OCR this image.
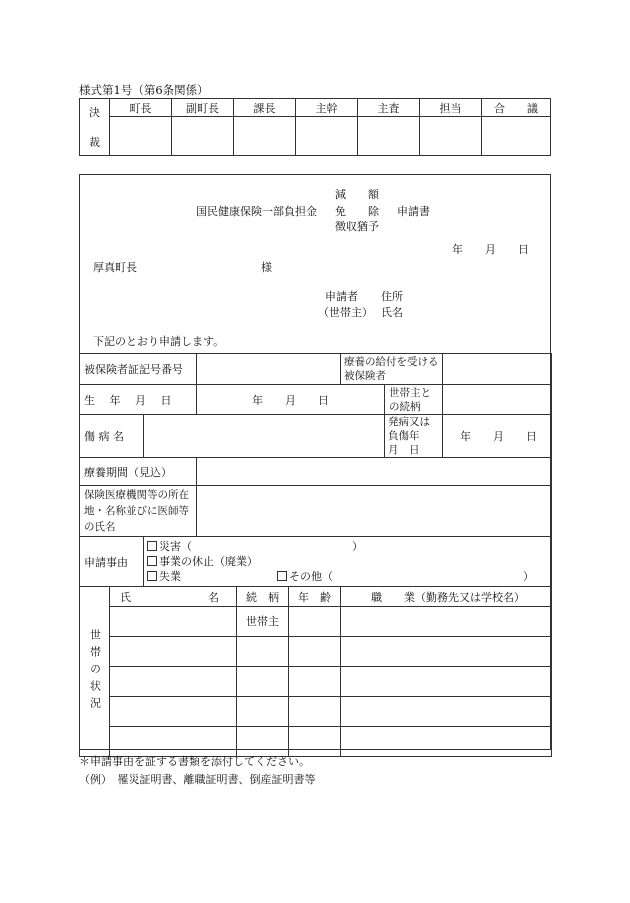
様式第1号（第6条関係）
決
裁	町長	副町長	課長	主幹	主査	担当	合　　議

減　　額
国民健康保険一部負担金 免　　除 申請書
徴収猶予
年　　月　　日
厚真町長	様
申請者 住所
（世帯主） 氏名
下記のとおり申請します。
被保険者証記号番号						療養の給付を受ける被保険者		
生　 年　 月　 日			年　　月　　日				世帯主との続柄	
傷 病 名							発病又は負傷年　月　日	年　　月　　日
療養期間（見込）								
保険医療機関等の所在地・名称並びに医師等の氏名								
申請事由		災害（ ）
事業の休止（廃業）
失業 その他（ ）						

世帯の状況	氏　　　　　　　名			続　柄	年　齢	職　　業（勤務先又は学校名）		
				世帯主				

＊申請事由を証する書類を添付してください。
（例）　罹災証明書、離職証明書、倒産証明書等
